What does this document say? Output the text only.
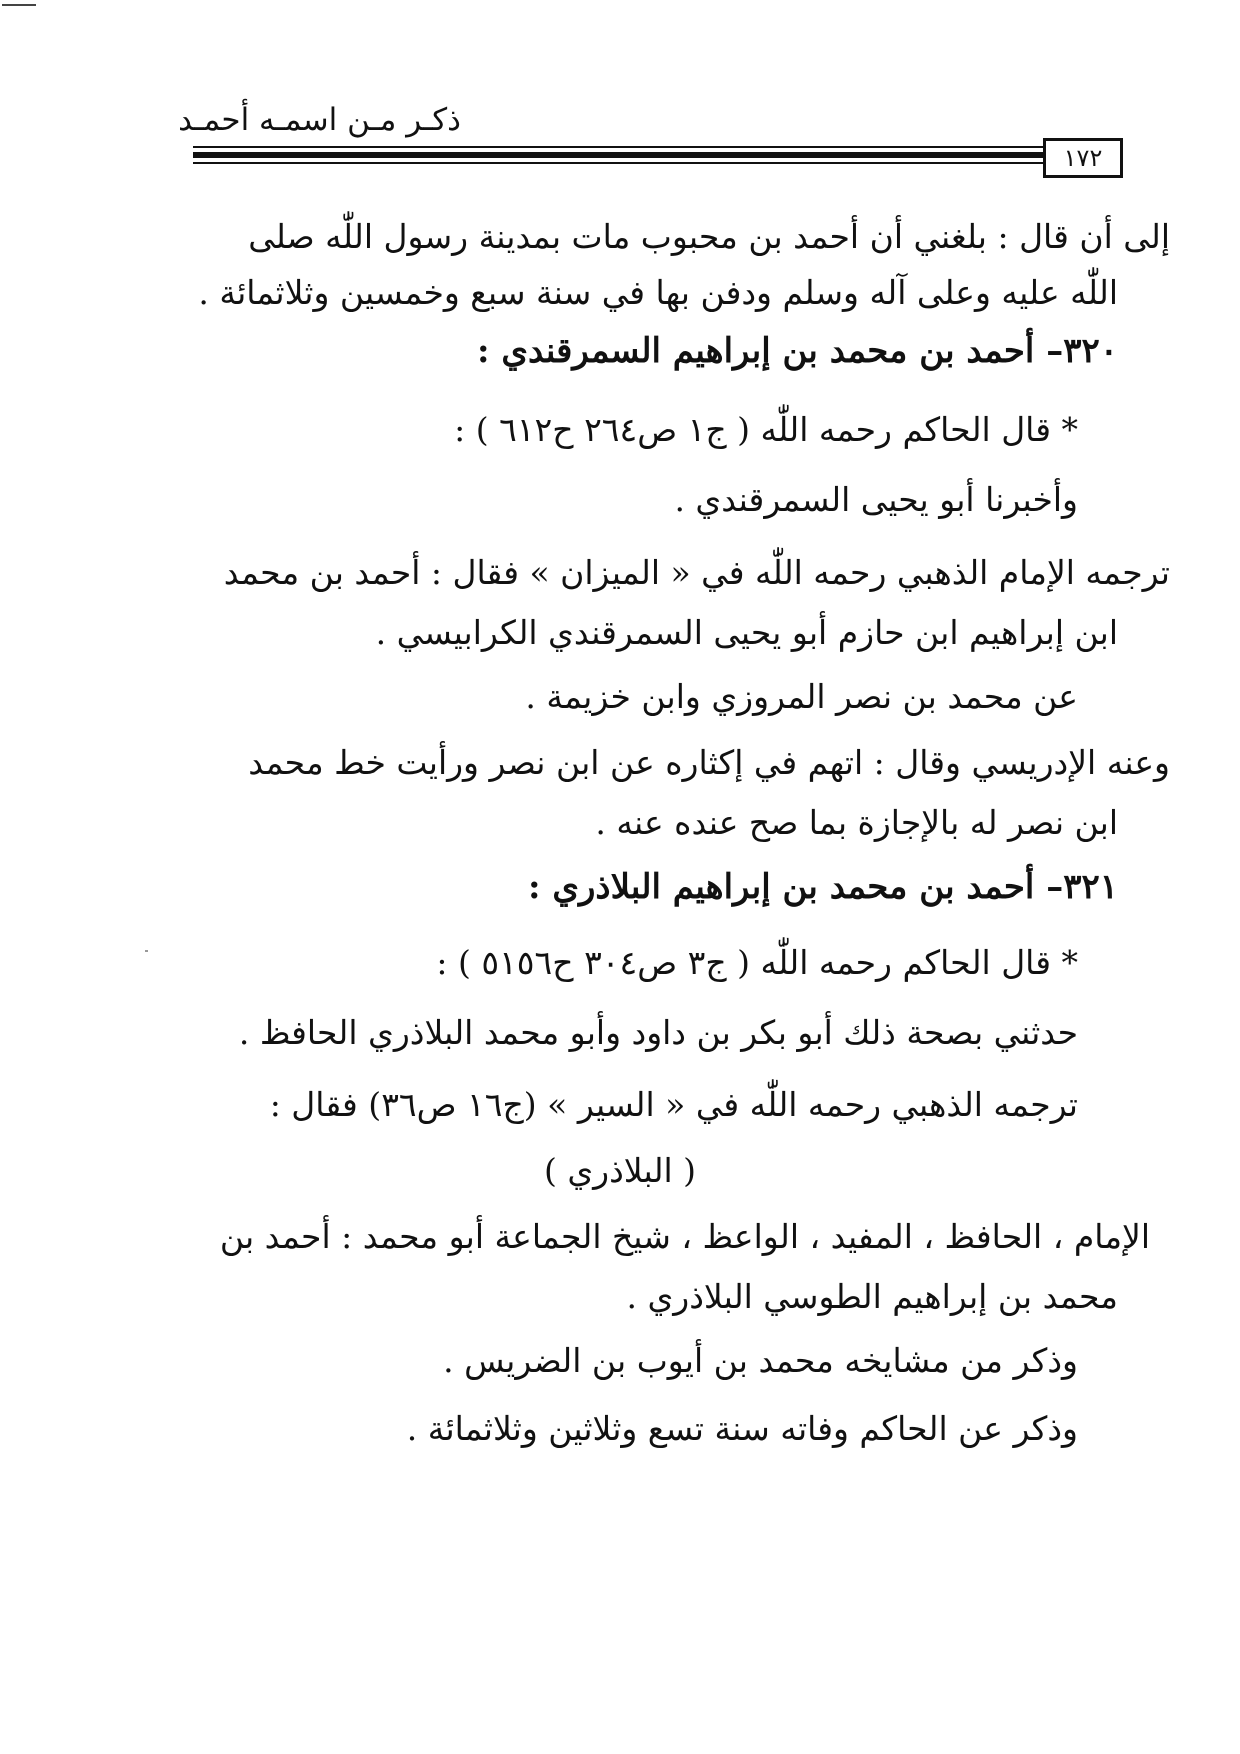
ذكـر مـن اسمـه أحمـد
١٧٢
إلى أن قال : بلغني أن أحمد بن محبوب مات بمدينة رسول اللّٰه صلى
اللّٰه عليه وعلى آله وسلم ودفن بها في سنة سبع وخمسين وثلاثمائة .
٣٢٠– أحمد بن محمد بن إبراهيم السمرقندي :
* قال الحاكم رحمه اللّٰه ( ج١ ص٢٦٤ ح٦١٢ ) :
وأخبرنا أبو يحيى السمرقندي .
ترجمه الإمام الذهبي رحمه اللّٰه في « الميزان » فقال : أحمد بن محمد
ابن إبراهيم ابن حازم أبو يحيى السمرقندي الكرابيسي .
عن محمد بن نصر المروزي وابن خزيمة .
وعنه الإدريسي وقال : اتهم في إكثاره عن ابن نصر ورأيت خط محمد
ابن نصر له بالإجازة بما صح عنده عنه .
٣٢١– أحمد بن محمد بن إبراهيم البلاذري :
* قال الحاكم رحمه اللّٰه ( ج٣ ص٣٠٤ ح٥١٥٦ ) :
حدثني بصحة ذلك أبو بكر بن داود وأبو محمد البلاذري الحافظ .
ترجمه الذهبي رحمه اللّٰه في « السير » (ج١٦ ص٣٦) فقال :
( البلاذري )
الإمام ، الحافظ ، المفيد ، الواعظ ، شيخ الجماعة أبو محمد : أحمد بن
محمد بن إبراهيم الطوسي البلاذري .
وذكر من مشايخه محمد بن أيوب بن الضريس .
وذكر عن الحاكم وفاته سنة تسع وثلاثين وثلاثمائة .
